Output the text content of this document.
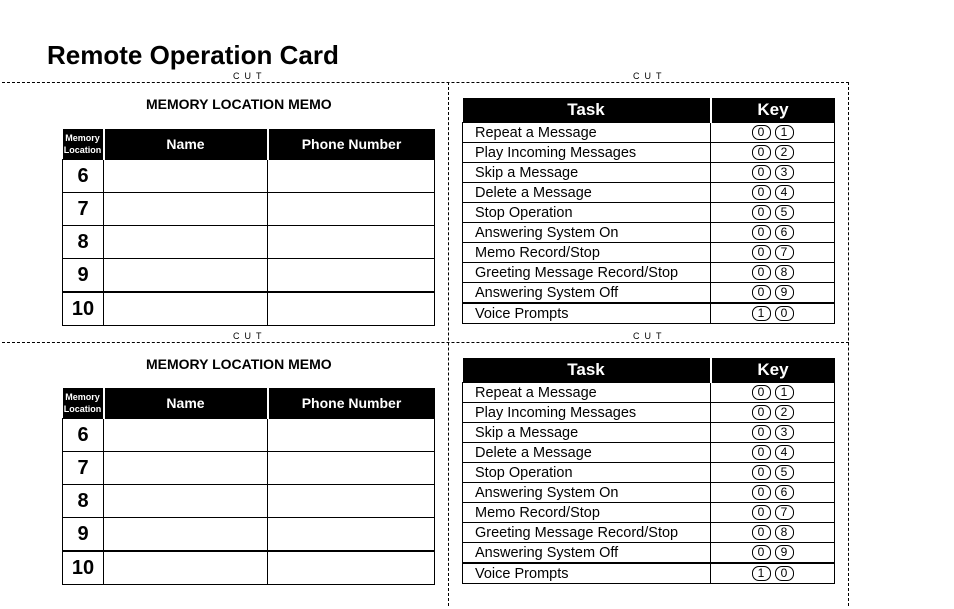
Remote Operation Card
CUT	CUT
CUT	CUT
MEMORY LOCATION MEMO
Memory
Location	Name	Phone Number
6		
7		
8		
9		
10		
Task	Key
Repeat a Message	0 1
Play Incoming Messages	0 2
Skip a Message	0 3
Delete a Message	0 4
Stop Operation	0 5
Answering System On	0 6
Memo Record/Stop	0 7
Greeting Message Record/Stop	0 8
Answering System Off	0 9
Voice Prompts	1 0
MEMORY LOCATION MEMO
Memory
Location	Name	Phone Number
6		
7		
8		
9		
10		
Task	Key
Repeat a Message	0 1
Play Incoming Messages	0 2
Skip a Message	0 3
Delete a Message	0 4
Stop Operation	0 5
Answering System On	0 6
Memo Record/Stop	0 7
Greeting Message Record/Stop	0 8
Answering System Off	0 9
Voice Prompts	1 0
